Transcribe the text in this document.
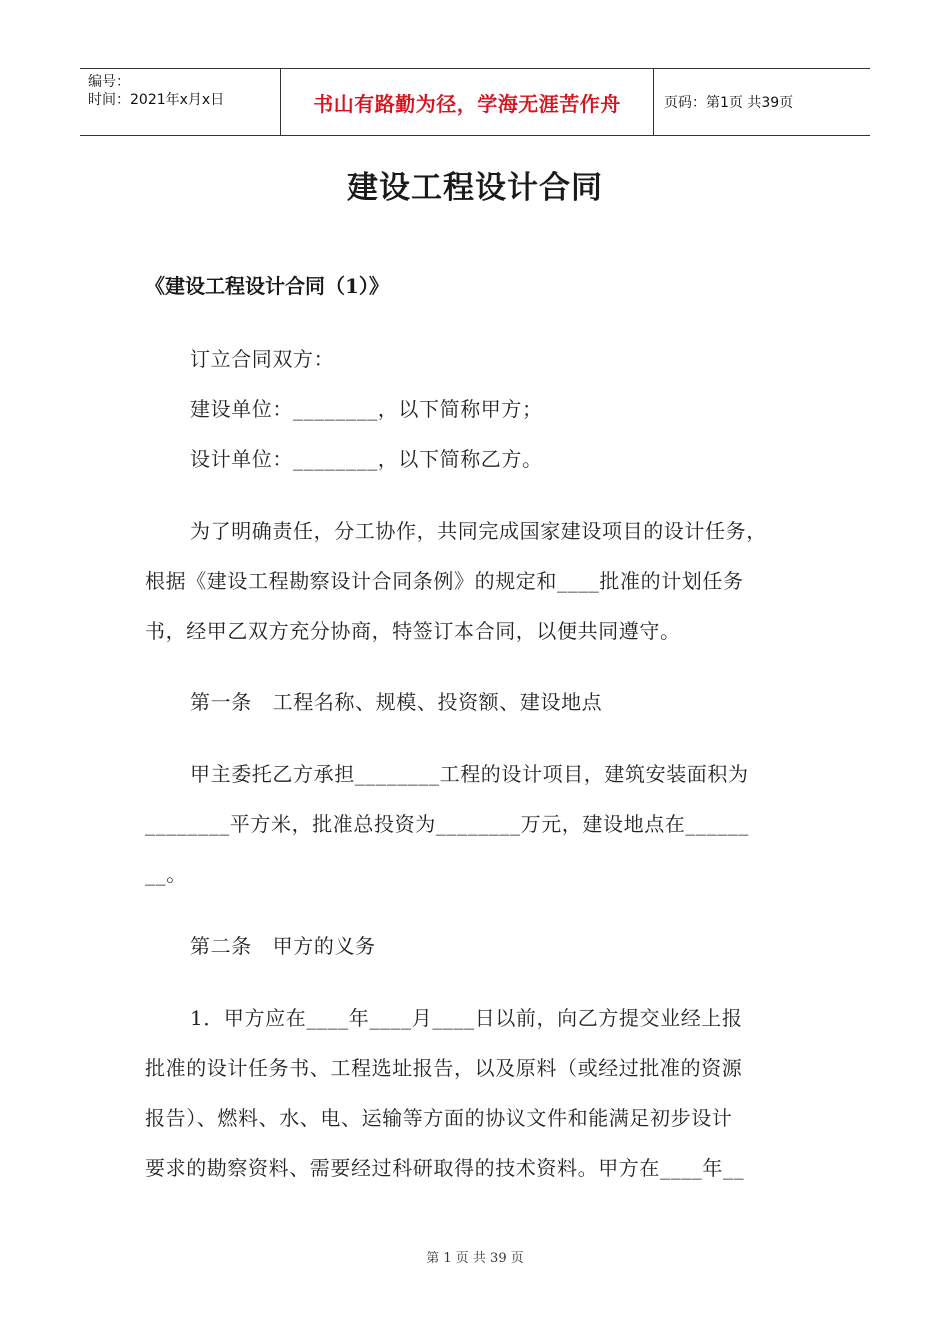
编号：
时间：2021年x月x日	书山有路勤为径，学海无涯苦作舟	页码：第1页 共39页
建设工程设计合同
《建设工程设计合同（1）》
订立合同双方：
建设单位：________，以下简称甲方；
设计单位：________，以下简称乙方。
为了明确责任，分工协作，共同完成国家建设项目的设计任务，
根据《建设工程勘察设计合同条例》的规定和____批准的计划任务
书，经甲乙双方充分协商，特签订本合同，以便共同遵守。
第一条   工程名称、规模、投资额、建设地点
甲主委托乙方承担________工程的设计项目，建筑安装面积为
________平方米，批准总投资为________万元，建设地点在______
__。
第二条   甲方的义务
1．甲方应在____年____月____日以前，向乙方提交业经上报
批准的设计任务书、工程选址报告，以及原料（或经过批准的资源
报告）、燃料、水、电、运输等方面的协议文件和能满足初步设计
要求的勘察资料、需要经过科研取得的技术资料。甲方在____年__
第 1 页 共 39 页
